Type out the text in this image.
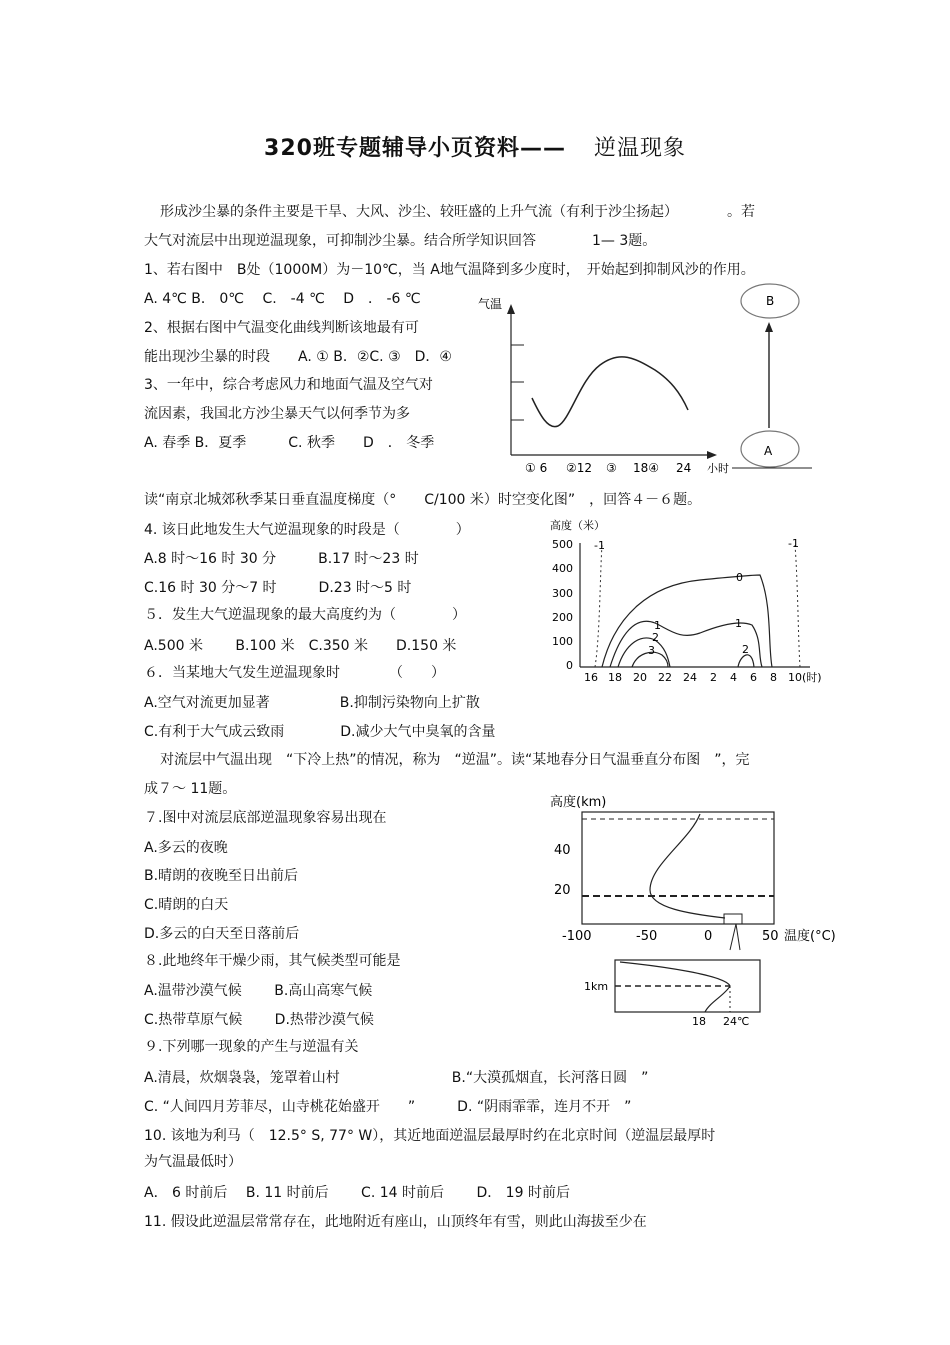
320班专题辅导小页资料—— 逆温现象
形成沙尘暴的条件主要是干旱、大风、沙尘、较旺盛的上升气流（有利于沙尘扬起）　　　　。若
大气对流层中出现逆温现象，可抑制沙尘暴。结合所学知识回答　　　　1— 3题。
1、若右图中　B处（1000M）为－10℃，当 A地气温降到多少度时，　开始起到抑制风沙的作用。
A. 4℃ B． 0℃　 C.　-4 ℃　 D　． -6 ℃
2、根据右图中气温变化曲线判断该地最有可
能出现沙尘暴的时段　　A. ① B．②C. ③　D．④
3、一年中，综合考虑风力和地面气温及空气对
流因素，我国北方沙尘暴天气以何季节为多
A. 春季 B．夏季　　　C. 秋季　　D　． 冬季
气温
① 6 ②12 ③ 18④ 24 小时
B
A
读“南京北城郊秋季某日垂直温度梯度（°　　C/100 米）时空变化图”　，回答４－６题。
4. 该日此地发生大气逆温现象的时段是（　　　　）
A.8 时～16 时 30 分　　　B.17 时～23 时
C.16 时 30 分～7 时　　　D.23 时～5 时
５．发生大气逆温现象的最大高度约为（　　　　）
A.500 米　　 B.100 米　C.350 米　　D.150 米
６．当某地大气发生逆温现象时　　　　（　　）
A.空气对流更加显著　　　　　B.抑制污染物向上扩散
C.有利于大气成云致雨　　　　D.减少大气中臭氧的含量
高度（米）
500
400
300
200
100
0
16 18 20 22 24 2 4 6 8 10(时)
-1	-1
0
1	1
2
2
3
对流层中气温出现　“下冷上热”的情况，称为　“逆温”。读“某地春分日气温垂直分布图　”，完
成７～ 11题。
７.图中对流层底部逆温现象容易出现在
A.多云的夜晚
B.晴朗的夜晚至日出前后
C.晴朗的白天
D.多云的白天至日落前后
８.此地终年干燥少雨，其气候类型可能是
A.温带沙漠气候　　 B.高山高寒气候
C.热带草原气候　　 D.热带沙漠气候
９.下列哪一现象的产生与逆温有关
A.清晨，炊烟袅袅，笼罩着山村　　　　　　　　B.“大漠孤烟直，长河落日圆　”
C. “人间四月芳菲尽，山寺桃花始盛开　　”　　　D. “阴雨霏霏，连月不开　”
10. 该地为利马（　12.5° S, 77° W），其近地面逆温层最厚时约在北京时间（逆温层最厚时
为气温最低时）
A． 6 时前后　 B. 11 时前后　　 C. 14 时前后　　 D． 19 时前后
11. 假设此逆温层常常存在，此地附近有座山，山顶终年有雪，则此山海拔至少在
高度(km)
40
20
-100	-50	0	50 温度(°C)
1km
18 24℃
